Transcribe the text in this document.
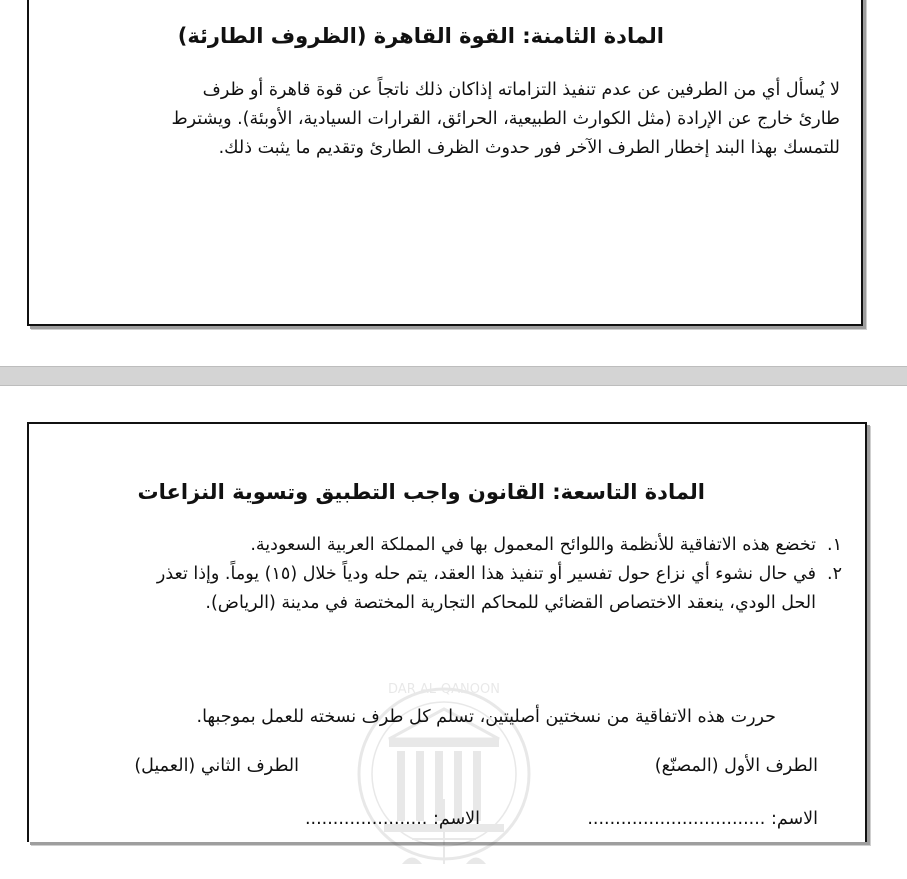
المادة الثامنة: القوة القاهرة (الظروف الطارئة)

لا يُسأل أي من الطرفين عن عدم تنفيذ التزاماته إذاكان ذلك ناتجاً عن قوة قاهرة أو ظرف

طارئ خارج عن الإرادة (مثل الكوارث الطبيعية، الحرائق، القرارات السيادية، الأوبئة). ويشترط

للتمسك بهذا البند إخطار الطرف الآخر فور حدوث الظرف الطارئ وتقديم ما يثبت ذلك.

DAR AL-QANOON
المادة التاسعة: القانون واجب التطبيق وتسوية النزاعات
١.
تخضع هذه الاتفاقية للأنظمة واللوائح المعمول بها في المملكة العربية السعودية.
٢.
في حال نشوء أي نزاع حول تفسير أو تنفيذ هذا العقد، يتم حله ودياً خلال (١٥) يوماً. وإذا تعذر
الحل الودي، ينعقد الاختصاص القضائي للمحاكم التجارية المختصة في مدينة (الرياض).
حررت هذه الاتفاقية من نسختين أصليتين، تسلم كل طرف نسخته للعمل بموجبها.
الطرف الأول (المصنّع)
الطرف الثاني (العميل)
الاسم: ................................
الاسم: ......................
